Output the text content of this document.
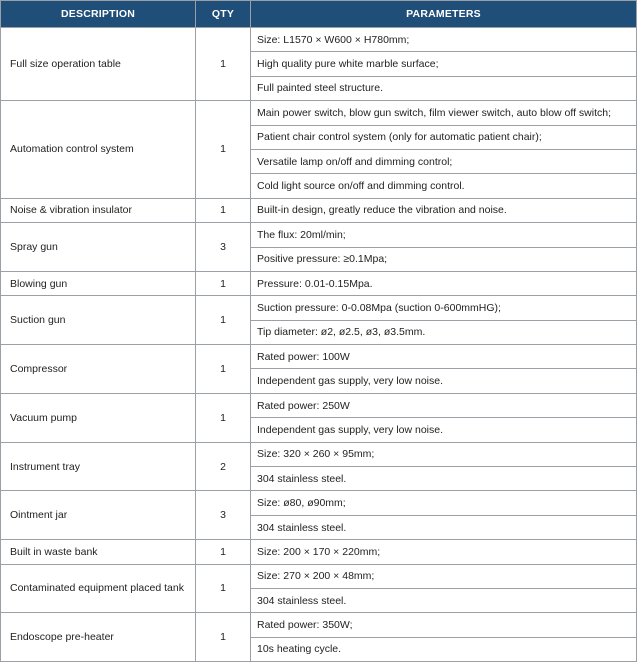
DESCRIPTION	QTY	PARAMETERS
Full size operation table	1	Size: L1570 × W600 × H780mm;
		High quality pure white marble surface;
		Full painted steel structure.
Automation control system	1	Main power switch, blow gun switch, film viewer switch, auto blow off switch;
		Patient chair control system (only for automatic patient chair);
		Versatile lamp on/off and dimming control;
		Cold light source on/off and dimming control.
Noise & vibration insulator	1	Built-in design, greatly reduce the vibration and noise.
Spray gun	3	The flux: 20ml/min;
		Positive pressure: ≥0.1Mpa;
Blowing gun	1	Pressure: 0.01-0.15Mpa.
Suction gun	1	Suction pressure: 0-0.08Mpa (suction 0-600mmHG);
		Tip diameter: ø2, ø2.5, ø3, ø3.5mm.
Compressor	1	Rated power: 100W
		Independent gas supply, very low noise.
Vacuum pump	1	Rated power: 250W
		Independent gas supply, very low noise.
Instrument tray	2	Size: 320 × 260 × 95mm;
		304 stainless steel.
Ointment jar	3	Size: ø80, ø90mm;
		304 stainless steel.
Built in waste bank	1	Size: 200 × 170 × 220mm;
Contaminated equipment placed tank	1	Size: 270 × 200 × 48mm;
		304 stainless steel.
Endoscope pre-heater	1	Rated power: 350W;
		10s heating cycle.
